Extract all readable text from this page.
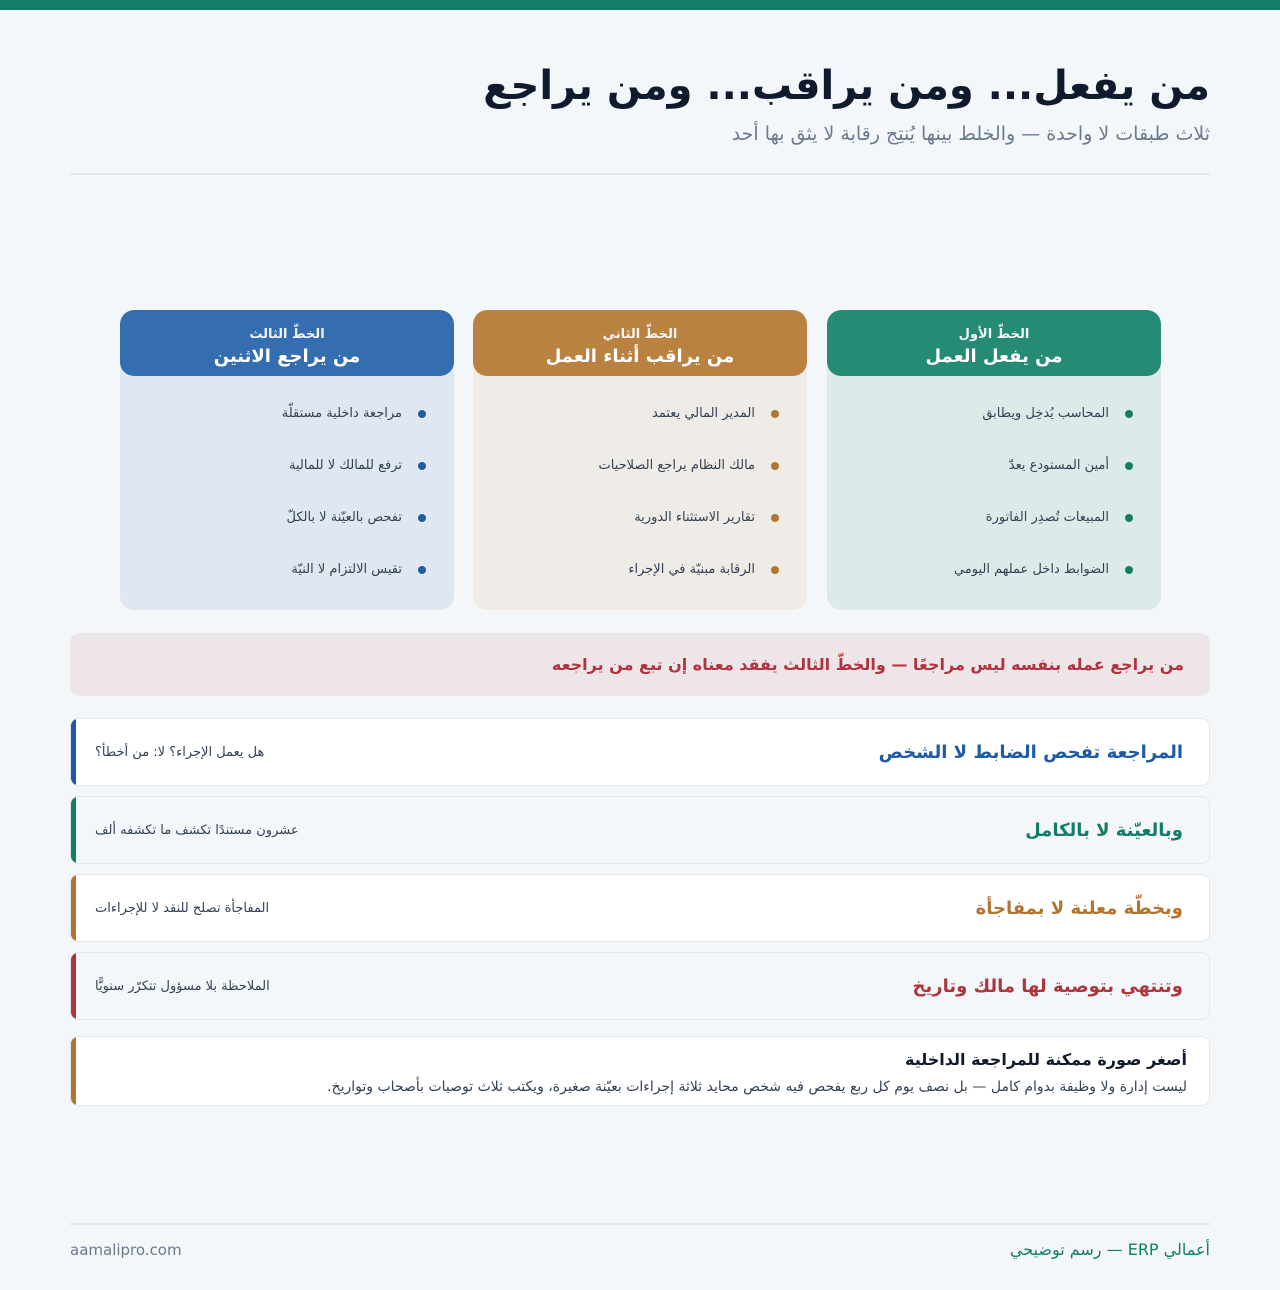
من يفعل... ومن يراقب... ومن يراجع

ثلاث طبقات لا واحدة — والخلط بينها يُنتِج رقابة لا يثق بها أحد

الخطّ الأول
من يفعل العمل
المحاسب يُدخِل ويطابق
أمين المستودع يعدّ
المبيعات تُصدِر الفاتورة
الضوابط داخل عملهم اليومي
الخطّ الثاني
من يراقب أثناء العمل
المدير المالي يعتمد
مالك النظام يراجع الصلاحيات
تقارير الاستثناء الدورية
الرقابة مبنيّة في الإجراء
الخطّ الثالث
من يراجع الاثنين
مراجعة داخلية مستقلّة
ترفع للمالك لا للمالية
تفحص بالعيّنة لا بالكلّ
تقيس الالتزام لا النيّة
من يراجع عمله بنفسه ليس مراجعًا — والخطّ الثالث يفقد معناه إن تبع من يراجعه
المراجعة تفحص الضابط لا الشخص
هل يعمل الإجراء؟ لا: من أخطأ؟
وبالعيّنة لا بالكامل
عشرون مستندًا تكشف ما تكشفه ألف
وبخطّة معلنة لا بمفاجأة
المفاجأة تصلح للنقد لا للإجراءات
وتنتهي بتوصية لها مالك وتاريخ
الملاحظة بلا مسؤول تتكرّر سنويًّا
أصغر صورة ممكنة للمراجعة الداخلية
ليست إدارة ولا وظيفة بدوام كامل — بل نصف يوم كل ربع يفحص فيه شخص محايد ثلاثة إجراءات بعيّنة صغيرة، ويكتب ثلاث توصيات بأصحاب وتواريخ.
أعمالي ERP — رسم توضيحي
aamalipro.com
